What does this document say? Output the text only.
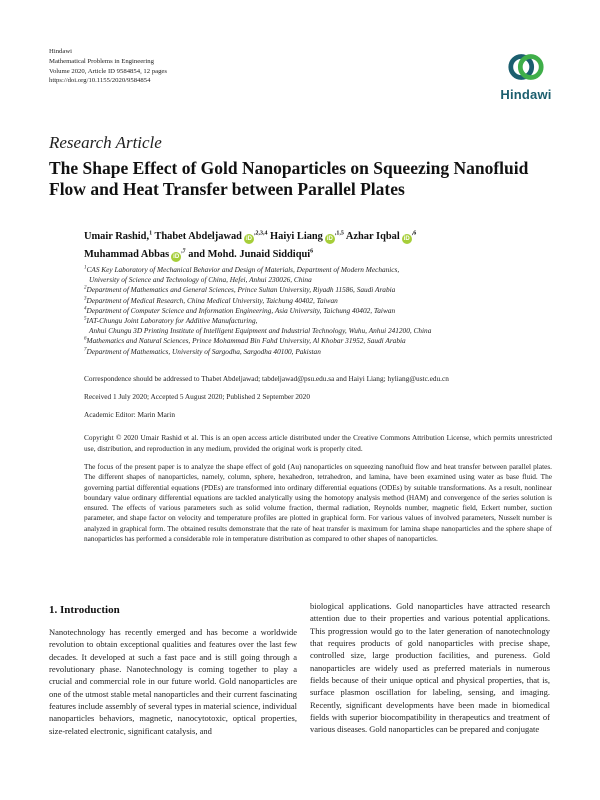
Hindawi
Mathematical Problems in Engineering
Volume 2020, Article ID 9584854, 12 pages
https://doi.org/10.1155/2020/9584854
Hindawi
Research Article
The Shape Effect of Gold Nanoparticles on Squeezing Nanofluid Flow and Heat Transfer between Parallel Plates
Umair Rashid,$^1$ Thabet Abdeljawad $iD^{,2,3,4}$ Haiyi Liang $iD^{,1,5}$ Azhar Iqbal $iD^{,6}$
Muhammad Abbas $iD^{,7}$ and Mohd. Junaid Siddiqui$^6$
$^1$CAS Key Laboratory of Mechanical Behavior and Design of Materials, Department of Modern Mechanics,
University of Science and Technology of China, Hefei, Anhui 230026, China
$^2$Department of Mathematics and General Sciences, Prince Sultan University, Riyadh 11586, Saudi Arabia
$^3$Department of Medical Research, China Medical University, Taichung 40402, Taiwan
$^4$Department of Computer Science and Information Engineering, Asia University, Taichung 40402, Taiwan
$^5$IAT-Chungu Joint Laboratory for Additive Manufacturing,
Anhui Chungu 3D Printing Institute of Intelligent Equipment and Industrial Technology, Wuhu, Anhui 241200, China
$^6$Mathematics and Natural Sciences, Prince Mohammad Bin Fahd University, Al Khobar 31952, Saudi Arabia
$^7$Department of Mathematics, University of Sargodha, Sargodha 40100, Pakistan
Correspondence should be addressed to Thabet Abdeljawad; tabdeljawad@psu.edu.sa and Haiyi Liang; hyliang@ustc.edu.cn
Received 1 July 2020; Accepted 5 August 2020; Published 2 September 2020
Academic Editor: Marin Marin
Copyright © 2020 Umair Rashid et al. This is an open access article distributed under the Creative Commons Attribution License, which permits unrestricted use, distribution, and reproduction in any medium, provided the original work is properly cited.
The focus of the present paper is to analyze the shape effect of gold (Au) nanoparticles on squeezing nanofluid flow and heat transfer between parallel plates. The different shapes of nanoparticles, namely, column, sphere, hexahedron, tetrahedron, and lamina, have been examined using water as base fluid. The governing partial differential equations (PDEs) are transformed into ordinary differential equations (ODEs) by suitable transformations. As a result, nonlinear boundary value ordinary differential equations are tackled analytically using the homotopy analysis method (HAM) and convergence of the series solution is ensured. The effects of various parameters such as solid volume fraction, thermal radiation, Reynolds number, magnetic field, Eckert number, suction parameter, and shape factor on velocity and temperature profiles are plotted in graphical form. For various values of involved parameters, Nusselt number is analyzed in graphical form. The obtained results demonstrate that the rate of heat transfer is maximum for lamina shape nanoparticles and the sphere shape of nanoparticles has performed a considerable role in temperature distribution as compared to other shapes of nanoparticles.
1. Introduction
Nanotechnology has recently emerged and has become a worldwide revolution to obtain exceptional qualities and features over the last few decades. It developed at such a fast pace and is still going through a revolutionary phase. Nanotechnology is coming together to play a crucial and commercial role in our future world. Gold nanoparticles are one of the utmost stable metal nanoparticles and their current fascinating features include assembly of several types in material science, individual nanoparticles behaviors, magnetic, nanocytotoxic, optical properties, size-related electronic, significant catalysis, and
biological applications. Gold nanoparticles have attracted research attention due to their properties and various potential applications. This progression would go to the later generation of nanotechnology that requires products of gold nanoparticles with precise shape, controlled size, large production facilities, and pureness. Gold nanoparticles are widely used as preferred materials in numerous fields because of their unique optical and physical properties, that is, surface plasmon oscillation for labeling, sensing, and imaging. Recently, significant developments have been made in biomedical fields with superior biocompatibility in therapeutics and treatment of various diseases. Gold nanoparticles can be prepared and conjugate
